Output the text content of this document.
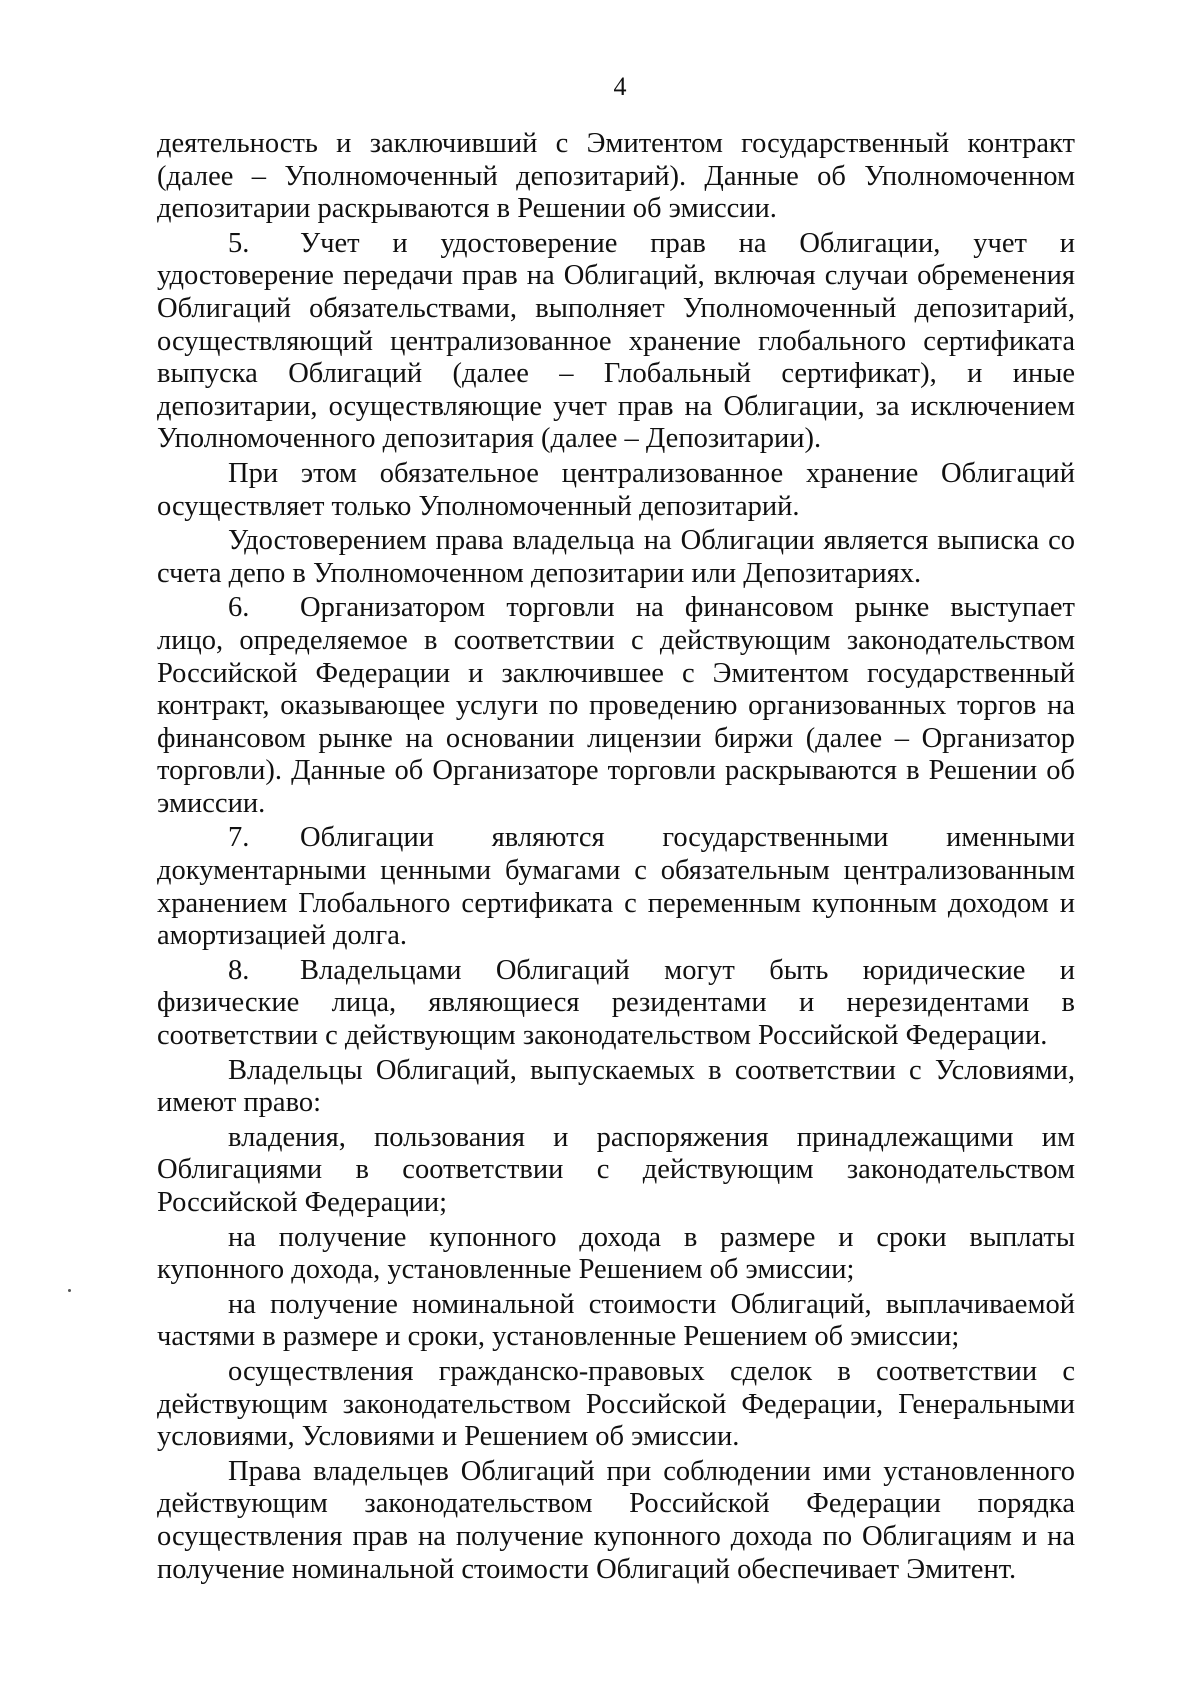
4

деятельность и заключивший с Эмитентом государственный контракт (далее – Уполномоченный депозитарий). Данные об Уполномоченном депозитарии раскрываются в Решении об эмиссии.

5. Учет и удостоверение прав на Облигации, учет и удостоверение передачи прав на Облигаций, включая случаи обременения Облигаций обязательствами, выполняет Уполномоченный депозитарий, осуществляющий централизованное хранение глобального сертификата выпуска Облигаций (далее – Глобальный сертификат), и иные депозитарии, осуществляющие учет прав на Облигации, за исключением Уполномоченного депозитария (далее – Депозитарии).

При этом обязательное централизованное хранение Облигаций осуществляет только Уполномоченный депозитарий.

Удостоверением права владельца на Облигации является выписка со счета депо в Уполномоченном депозитарии или Депозитариях.

6. Организатором торговли на финансовом рынке выступает лицо, определяемое в соответствии с действующим законодательством Российской Федерации и заключившее с Эмитентом государственный контракт, оказывающее услуги по проведению организованных торгов на финансовом рынке на основании лицензии биржи (далее – Организатор торговли). Данные об Организаторе торговли раскрываются в Решении об эмиссии.

7. Облигации являются государственными именными документарными ценными бумагами с обязательным централизованным хранением Глобального сертификата с переменным купонным доходом и амортизацией долга.

8. Владельцами Облигаций могут быть юридические и физические лица, являющиеся резидентами и нерезидентами в соответствии с действующим законодательством Российской Федерации.

Владельцы Облигаций, выпускаемых в соответствии с Условиями, имеют право:

владения, пользования и распоряжения принадлежащими им Облигациями в соответствии с действующим законодательством Российской Федерации;

на получение купонного дохода в размере и сроки выплаты купонного дохода, установленные Решением об эмиссии;

на получение номинальной стоимости Облигаций, выплачиваемой частями в размере и сроки, установленные Решением об эмиссии;

осуществления гражданско-правовых сделок в соответствии с действующим законодательством Российской Федерации, Генеральными условиями, Условиями и Решением об эмиссии.

Права владельцев Облигаций при соблюдении ими установленного действующим законодательством Российской Федерации порядка осуществления прав на получение купонного дохода по Облигациям и на получение номинальной стоимости Облигаций обеспечивает Эмитент.
